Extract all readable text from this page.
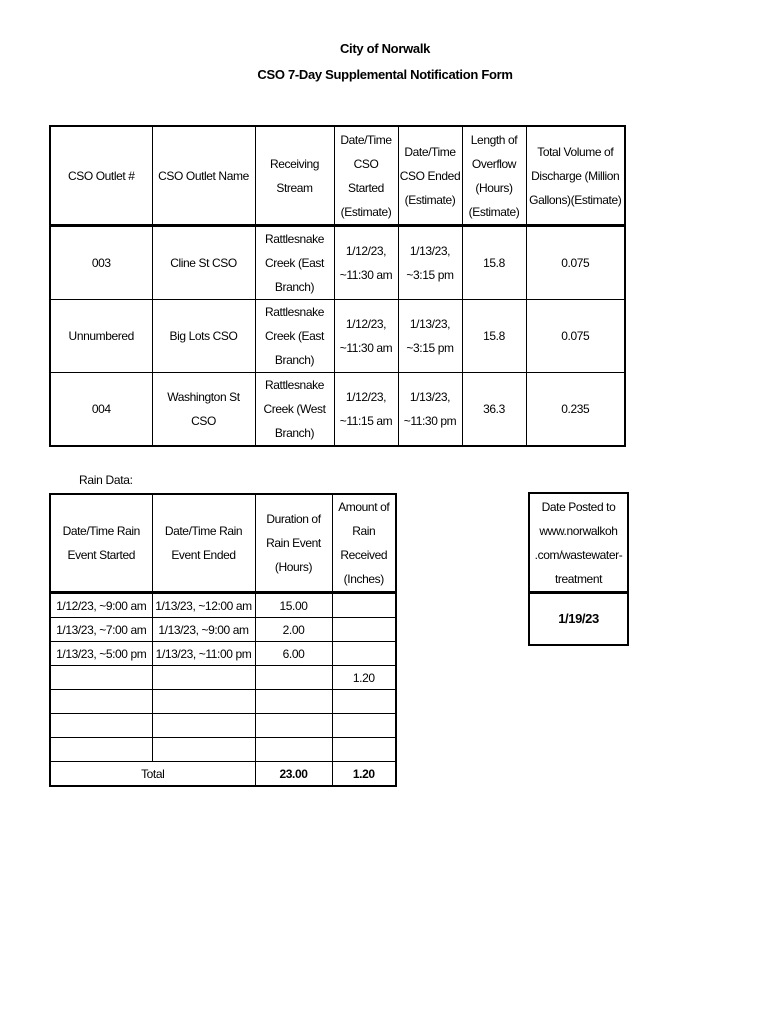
City of Norwalk
CSO 7-Day Supplemental Notification Form
CSO Outlet #	CSO Outlet Name	Receiving Stream	Date/Time CSO Started (Estimate)	Date/Time CSO Ended (Estimate)	Length of Overflow (Hours) (Estimate)	Total Volume of Discharge (Million Gallons)(Estimate)
003	Cline St CSO	Rattlesnake Creek (East Branch)	1/12/23, ~11:30 am	1/13/23, ~3:15 pm	15.8	0.075
Unnumbered	Big Lots CSO	Rattlesnake Creek (East Branch)	1/12/23, ~11:30 am	1/13/23, ~3:15 pm	15.8	0.075
004	Washington St CSO	Rattlesnake Creek (West Branch)	1/12/23, ~11:15 am	1/13/23, ~11:30 pm	36.3	0.235
Rain Data:
Date/Time Rain Event Started	Date/Time Rain Event Ended	Duration of Rain Event (Hours)	Amount of Rain Received (Inches)
1/12/23, ~9:00 am	1/13/23, ~12:00 am	15.00	
1/13/23, ~7:00 am	1/13/23, ~9:00 am	2.00	
1/13/23, ~5:00 pm	1/13/23, ~11:00 pm	6.00	
			1.20

Total		23.00	1.20
Date Posted to www.norwalkoh .com/wastewater-treatment
1/19/23
